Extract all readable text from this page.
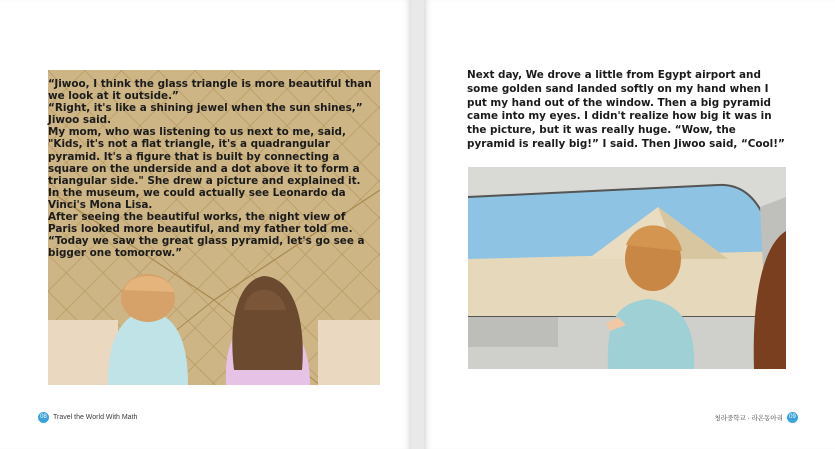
“Jiwoo, I think the glass triangle is more beautiful than we look at it outside.”

“Right, it's like a shining jewel when the sun shines,” Jiwoo said.

My mom, who was listening to us next to me, said, "Kids, it's not a flat triangle, it's a quadrangular pyramid. It's a figure that is built by connecting a square on the underside and a dot above it to form a triangular side." She drew a picture and explained it.

In the museum, we could actually see Leonardo da Vinci's Mona Lisa.

After seeing the beautiful works, the night view of Paris looked more beautiful, and my father told me.

“Today we saw the great glass pyramid, let's go see a bigger one tomorrow.”

08 Travel the World With Math

Next day, We drove a little from Egypt airport and some golden sand landed softly on my hand when I put my hand out of the window. Then a big pyramid came into my eyes. I didn't realize how big it was in the picture, but it was really huge. “Wow, the pyramid is really big!” I said. Then Jiwoo said, “Cool!”

청라중학교 · 라온동아리	09
